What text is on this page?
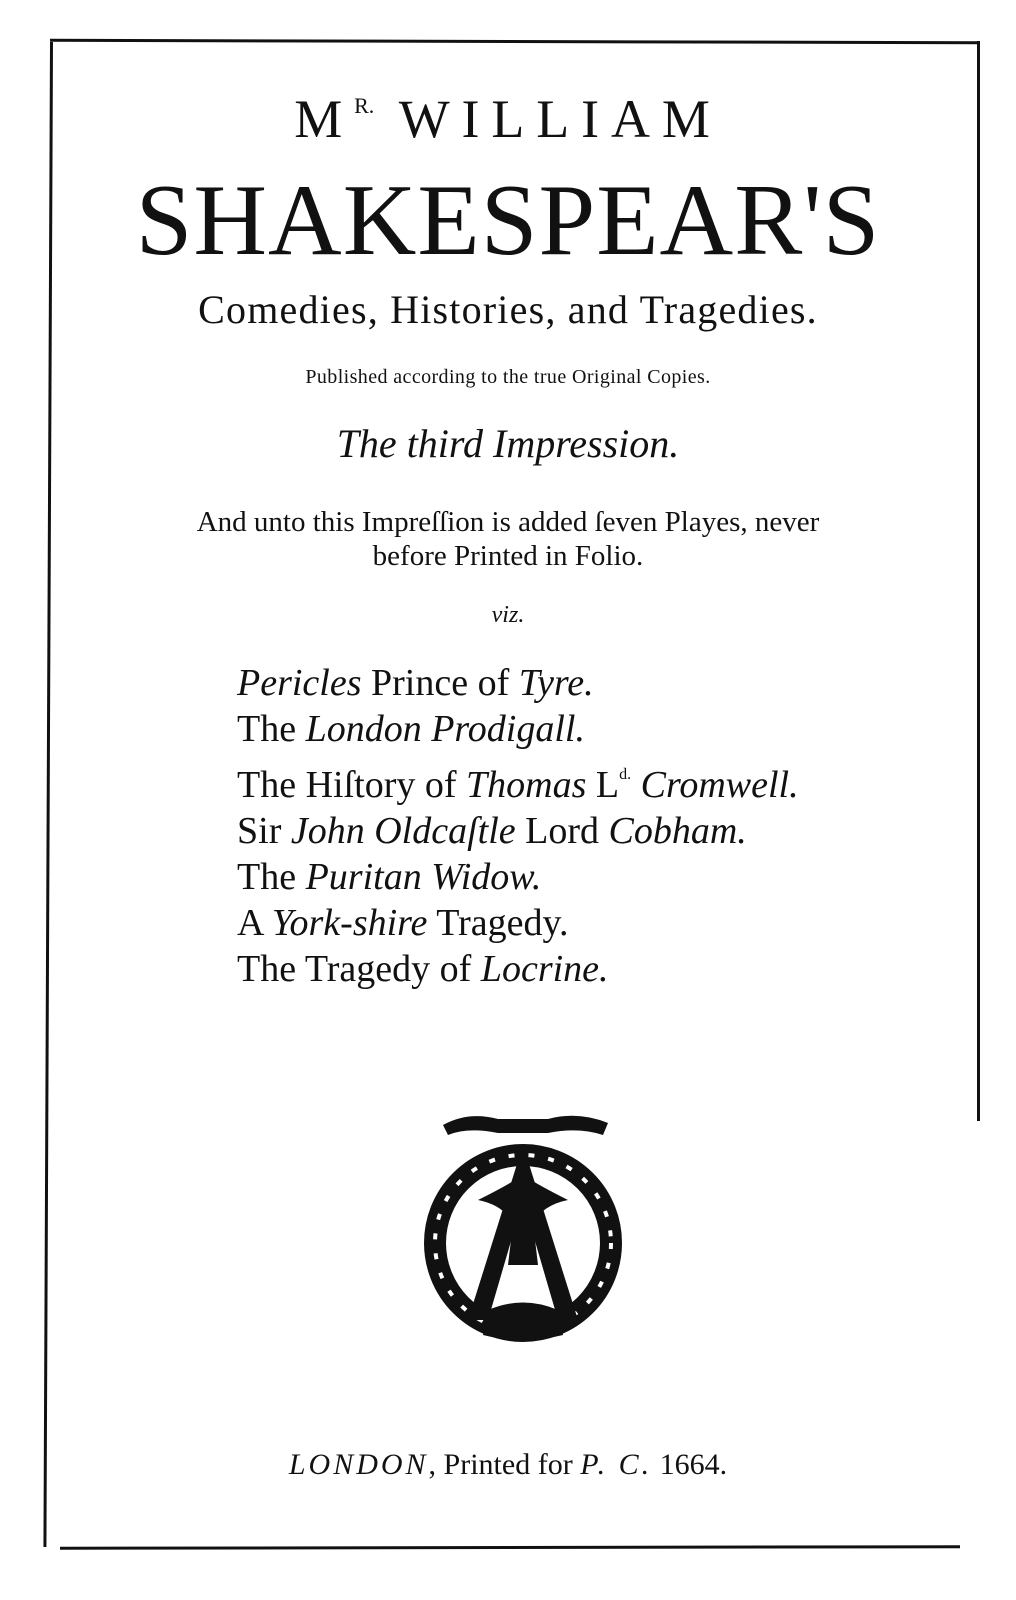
$M^{R.}$ WILLIAM
SHAKESPEAR'S
Comedies, Histories, and Tragedies.
Published according to the true Original Copies.
The third Impression.
And unto this Impreſſion is added ſeven Playes, never
before Printed in Folio.
viz.
Pericles Prince of Tyre.
The London Prodigall.
The Hiſtory of Thomas $L^{d.}$ Cromwell.
Sir John Oldcaſtle Lord Cobham.
The Puritan Widow.
A York-shire Tragedy.
The Tragedy of Locrine.
LONDON, Printed for P. C. 1664.
